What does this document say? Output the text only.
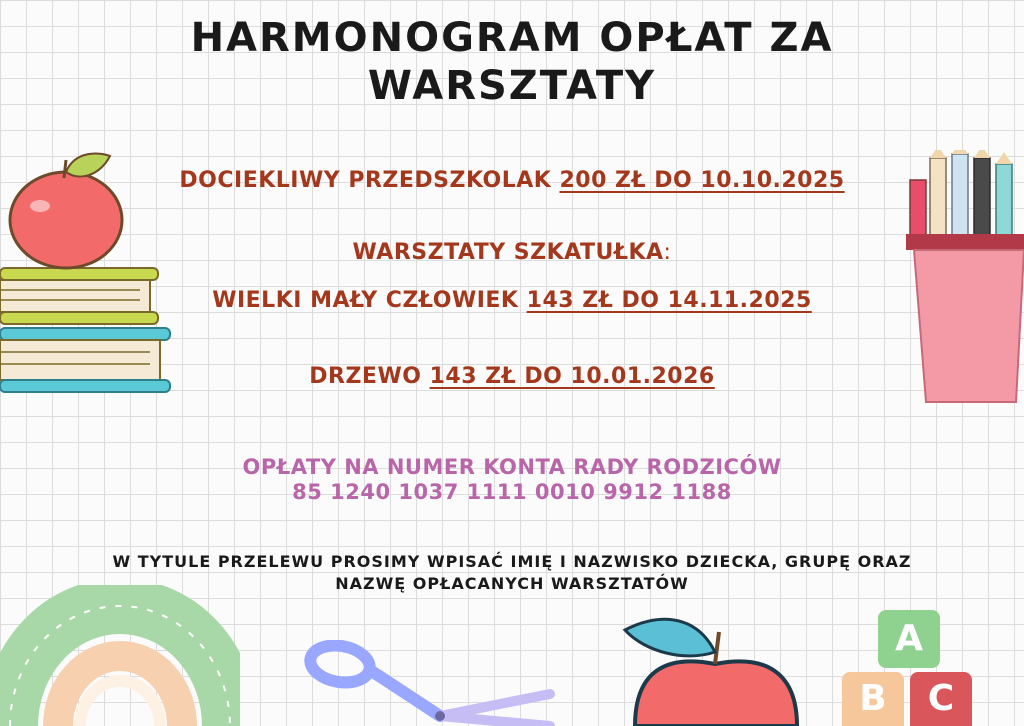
HARMONOGRAM OPŁAT ZA
WARSZTATY
DOCIEKLIWY PRZEDSZKOLAK 200 ZŁ DO 10.10.2025
WARSZTATY SZKATUŁKA:
WIELKI MAŁY CZŁOWIEK 143 ZŁ DO 14.11.2025
DRZEWO 143 ZŁ DO 10.01.2026
OPŁATY NA NUMER KONTA RADY RODZICÓW
85 1240 1037 1111 0010 9912 1188
W TYTULE PRZELEWU PROSIMY WPISAĆ IMIĘ I NAZWISKO DZIECKA, GRUPĘ ORAZ
NAZWĘ OPŁACANYCH WARSZTATÓW
A
B	C
